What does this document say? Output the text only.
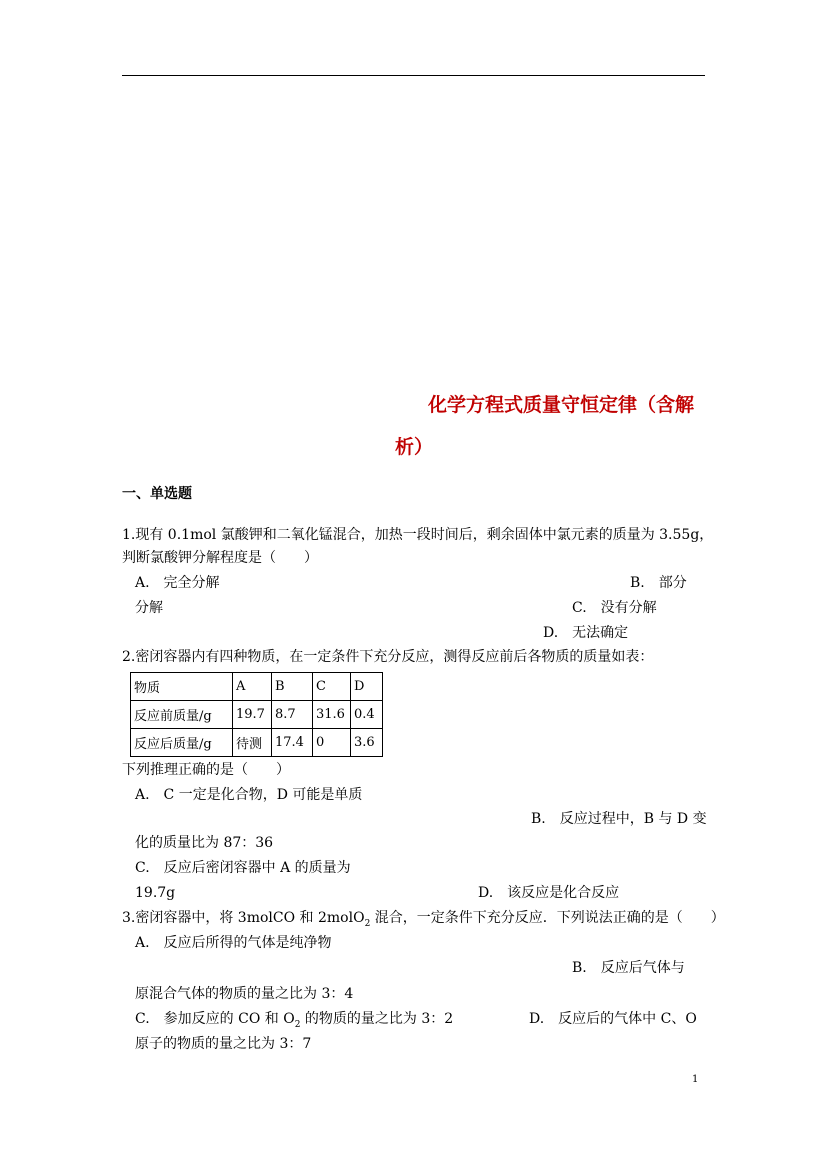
化学方程式质量守恒定律（含解
析）
一、单选题
1.现有 0.1mol 氯酸钾和二氧化锰混合，加热一段时间后，剩余固体中氯元素的质量为 3.55g，
判断氯酸钾分解程度是（　　）
A.　完全分解	B.　部分
分解	C.　没有分解
D.　无法确定
2.密闭容器内有四种物质，在一定条件下充分反应，测得反应前后各物质的质量如表：
物质	A	B	C	D
反应前质量/g	19.7	8.7	31.6	0.4
反应后质量/g	待测	17.4	0	3.6
下列推理正确的是（　　）
A.　C 一定是化合物，D 可能是单质
B.　反应过程中，B 与 D 变
化的质量比为 87：36
C.　反应后密闭容器中 A 的质量为
19.7g	D.　该反应是化合反应
3.密闭容器中，将 3molCO 和 2molO$_2$ 混合，一定条件下充分反应．下列说法正确的是（　　）
A.　反应后所得的气体是纯净物
B.　反应后气体与
原混合气体的物质的量之比为 3：4
C.　参加反应的 CO 和 $O_2$ 的物质的量之比为 3：2	D.　反应后的气体中 C、O
原子的物质的量之比为 3：7
1
